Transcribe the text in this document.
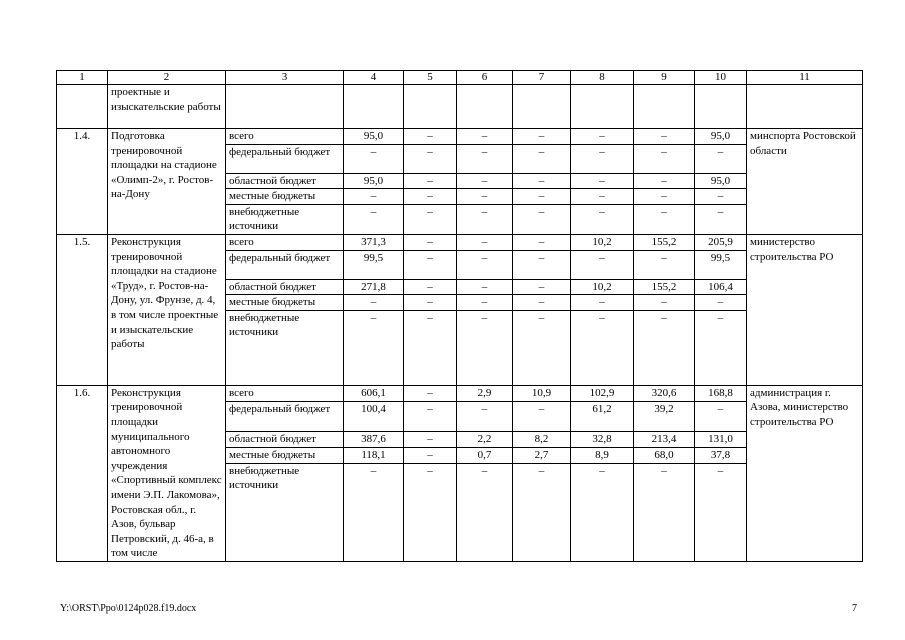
1	2	3	4	5	6	7	8	9	10	11
	проектные и изыскательские работы									
1.4.	Подготовка тренировочной площадки на стадионе «Олимп-2», г. Ростов-на-Дону	всего	95,0	–	–	–	–	–	95,0	минспорта Ростовской области
		федеральный бюджет	–	–	–	–	–	–	–	
		областной бюджет	95,0	–	–	–	–	–	95,0	
		местные бюджеты	–	–	–	–	–	–	–	
		внебюджетные источники	–	–	–	–	–	–	–	
1.5.	Реконструкция тренировочной площадки на стадионе «Труд», г. Ростов-на-Дону, ул. Фрунзе, д. 4, в том числе проектные и изыскательские работы	всего	371,3	–	–	–	10,2	155,2	205,9	министерство строительства РО
		федеральный бюджет	99,5	–	–	–	–	–	99,5	
		областной бюджет	271,8	–	–	–	10,2	155,2	106,4	
		местные бюджеты	–	–	–	–	–	–	–	
		внебюджетные источники	–	–	–	–	–	–	–	
1.6.	Реконструкция тренировочной площадки муниципального автономного учреждения «Спортивный комплекс имени Э.П. Лакомова», Ростовская обл., г. Азов, бульвар Петровский, д. 46-а, в том числе	всего	606,1	–	2,9	10,9	102,9	320,6	168,8	администрация г. Азова, министерство строительства РО
		федеральный бюджет	100,4	–	–	–	61,2	39,2	–	
		областной бюджет	387,6	–	2,2	8,2	32,8	213,4	131,0	
		местные бюджеты	118,1	–	0,7	2,7	8,9	68,0	37,8	
		внебюджетные источники	–	–	–	–	–	–	–	
Y:\ORST\Ppo\0124p028.f19.docx	7
